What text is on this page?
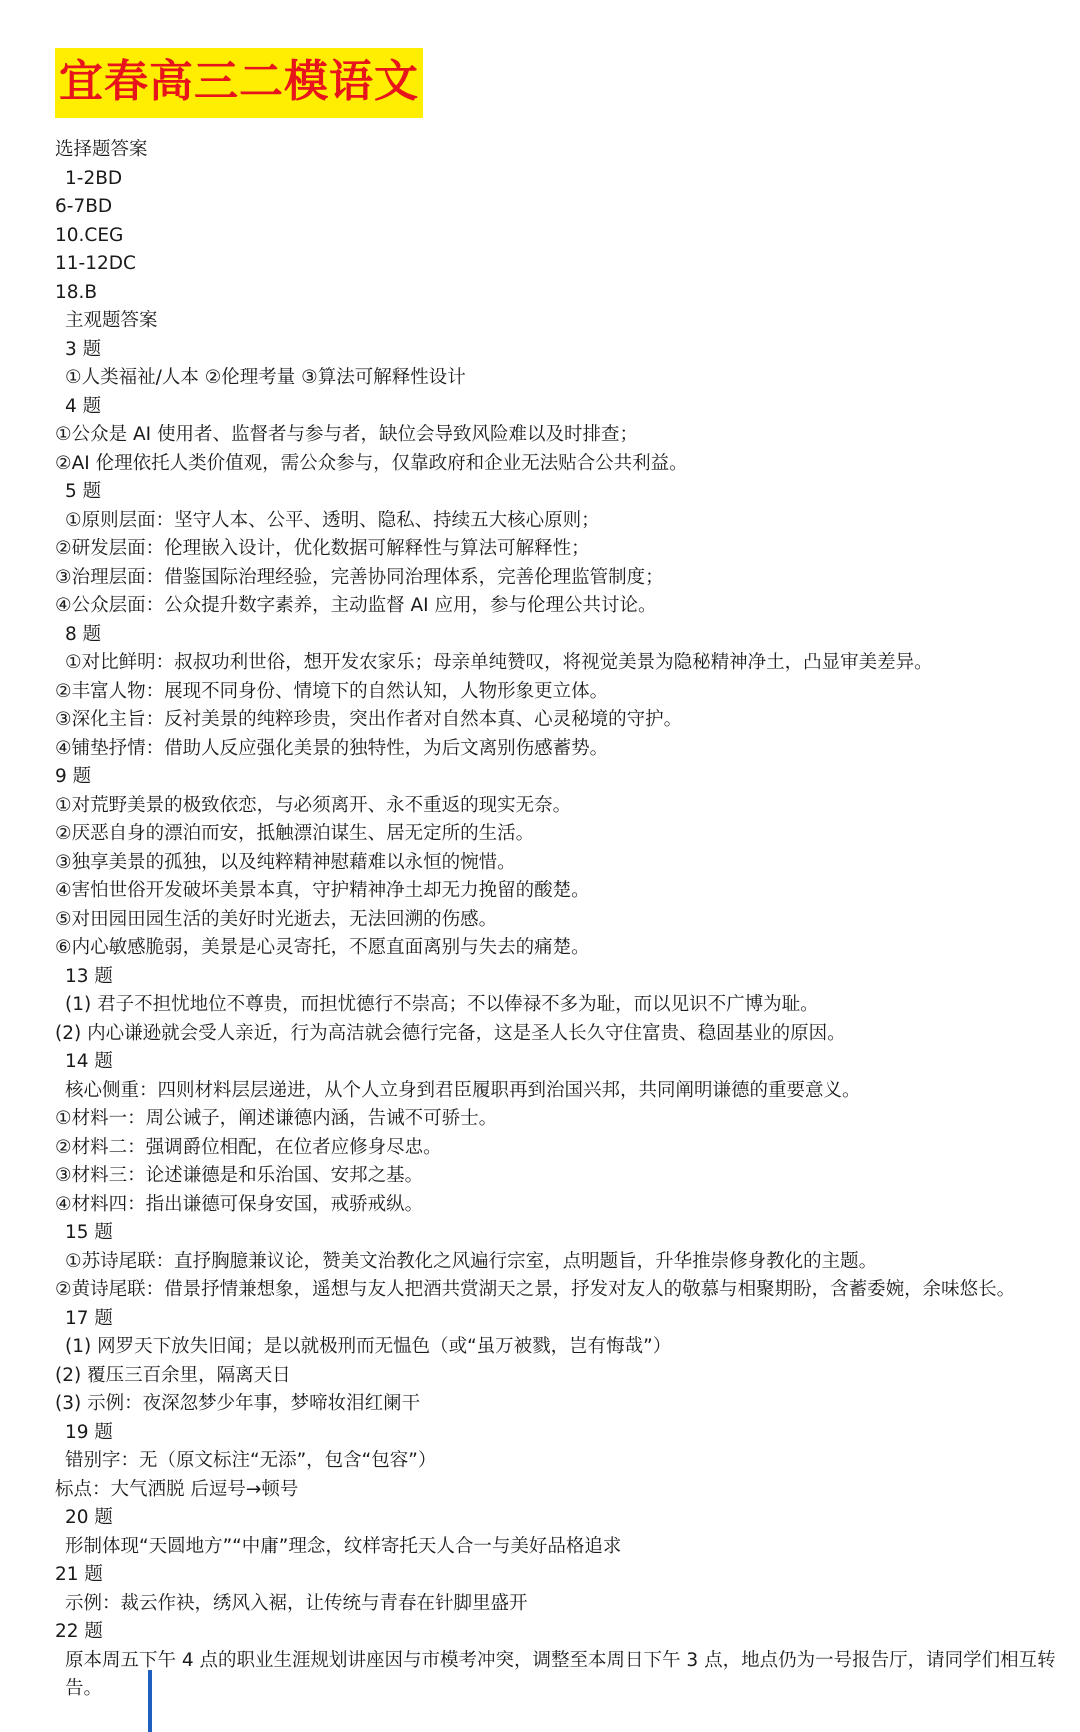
宜春高三二模语文
选择题答案
1-2BD
6-7BD
10.CEG
11-12DC
18.B
主观题答案
3 题
①人类福祉/人本 ②伦理考量 ③算法可解释性设计
4 题
①公众是 AI 使用者、监督者与参与者，缺位会导致风险难以及时排查；
②AI 伦理依托人类价值观，需公众参与，仅靠政府和企业无法贴合公共利益。
5 题
①原则层面：坚守人本、公平、透明、隐私、持续五大核心原则；
②研发层面：伦理嵌入设计，优化数据可解释性与算法可解释性；
③治理层面：借鉴国际治理经验，完善协同治理体系，完善伦理监管制度；
④公众层面：公众提升数字素养，主动监督 AI 应用，参与伦理公共讨论。
8 题
①对比鲜明：叔叔功利世俗，想开发农家乐；母亲单纯赞叹，将视觉美景为隐秘精神净土，凸显审美差异。
②丰富人物：展现不同身份、情境下的自然认知，人物形象更立体。
③深化主旨：反衬美景的纯粹珍贵，突出作者对自然本真、心灵秘境的守护。
④铺垫抒情：借助人反应强化美景的独特性，为后文离别伤感蓄势。
9 题
①对荒野美景的极致依恋，与必须离开、永不重返的现实无奈。
②厌恶自身的漂泊而安，抵触漂泊谋生、居无定所的生活。
③独享美景的孤独，以及纯粹精神慰藉难以永恒的惋惜。
④害怕世俗开发破坏美景本真，守护精神净土却无力挽留的酸楚。
⑤对田园田园生活的美好时光逝去，无法回溯的伤感。
⑥内心敏感脆弱，美景是心灵寄托，不愿直面离别与失去的痛楚。
13 题
(1) 君子不担忧地位不尊贵，而担忧德行不崇高；不以俸禄不多为耻，而以见识不广博为耻。
(2) 内心谦逊就会受人亲近，行为高洁就会德行完备，这是圣人长久守住富贵、稳固基业的原因。
14 题
核心侧重：四则材料层层递进，从个人立身到君臣履职再到治国兴邦，共同阐明谦德的重要意义。
①材料一：周公诫子，阐述谦德内涵，告诫不可骄士。
②材料二：强调爵位相配，在位者应修身尽忠。
③材料三：论述谦德是和乐治国、安邦之基。
④材料四：指出谦德可保身安国，戒骄戒纵。
15 题
①苏诗尾联：直抒胸臆兼议论，赞美文治教化之风遍行宗室，点明题旨，升华推崇修身教化的主题。
②黄诗尾联：借景抒情兼想象，遥想与友人把酒共赏湖天之景，抒发对友人的敬慕与相聚期盼，含蓄委婉，余味悠长。
17 题
(1) 网罗天下放失旧闻；是以就极刑而无愠色（或“虽万被戮，岂有悔哉”）
(2) 覆压三百余里，隔离天日
(3) 示例：夜深忽梦少年事，梦啼妆泪红阑干
19 题
错别字：无（原文标注“无添”，包含“包容”）
标点：大气洒脱 后逗号→顿号
20 题
形制体现“天圆地方”“中庸”理念，纹样寄托天人合一与美好品格追求
21 题
示例：裁云作袂，绣风入裾，让传统与青春在针脚里盛开
22 题
原本周五下午 4 点的职业生涯规划讲座因与市模考冲突，调整至本周日下午 3 点，地点仍为一号报告厅，请同学们相互转告。
